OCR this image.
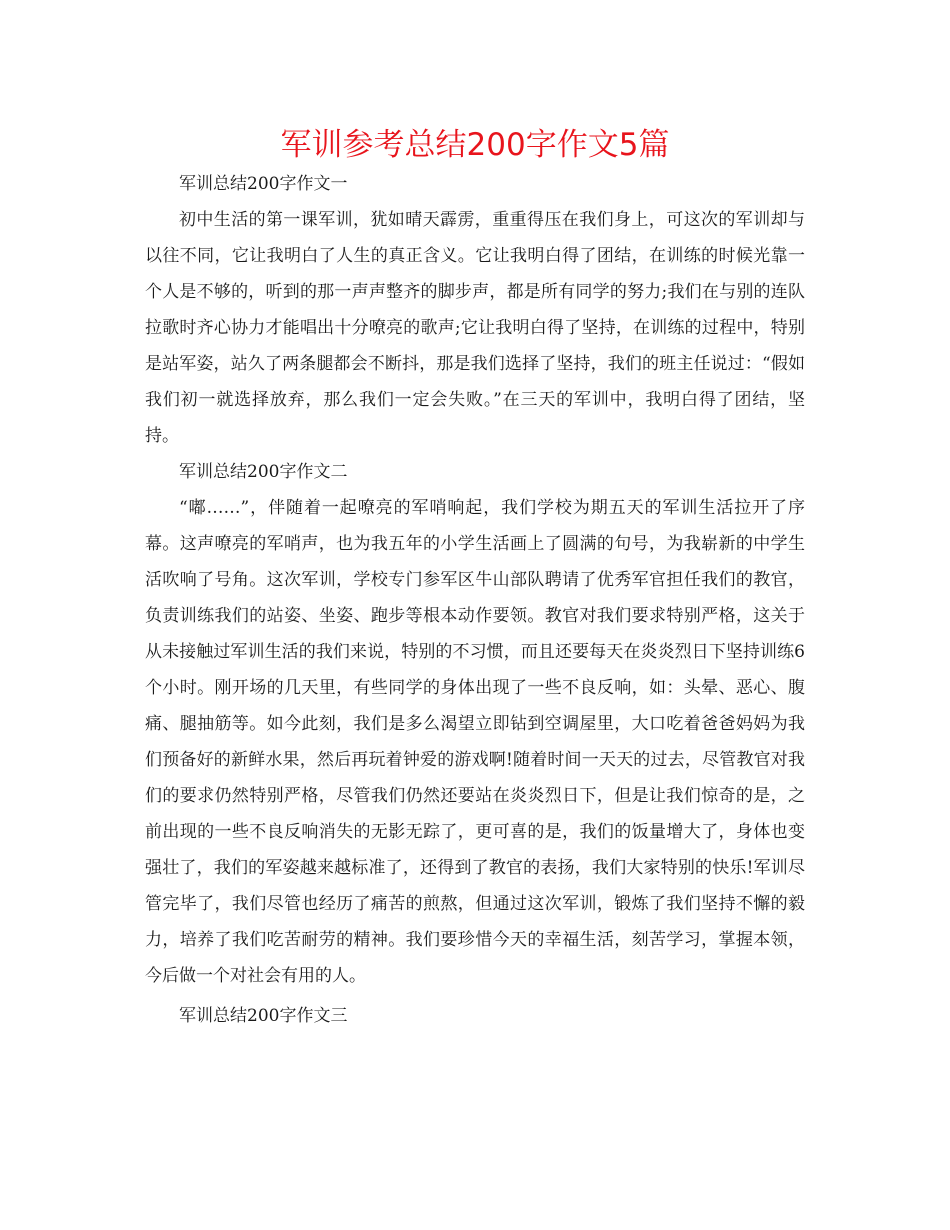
军训参考总结200字作文5篇

军训总结200字作文一

初中生活的第一课军训，犹如晴天霹雳，重重得压在我们身上，可这次的军训却与以往不同，它让我明白了人生的真正含义。它让我明白得了团结，在训练的时候光靠一个人是不够的，听到的那一声声整齐的脚步声，都是所有同学的努力;我们在与别的连队拉歌时齐心协力才能唱出十分嘹亮的歌声;它让我明白得了坚持，在训练的过程中，特别是站军姿，站久了两条腿都会不断抖，那是我们选择了坚持，我们的班主任说过：“假如我们初一就选择放弃，那么我们一定会失败。”在三天的军训中，我明白得了团结，坚持。

军训总结200字作文二

“嘟……”，伴随着一起嘹亮的军哨响起，我们学校为期五天的军训生活拉开了序幕。这声嘹亮的军哨声，也为我五年的小学生活画上了圆满的句号，为我崭新的中学生活吹响了号角。这次军训，学校专门参军区牛山部队聘请了优秀军官担任我们的教官，负责训练我们的站姿、坐姿、跑步等根本动作要领。教官对我们要求特别严格，这关于从未接触过军训生活的我们来说，特别的不习惯，而且还要每天在炎炎烈日下坚持训练6个小时。刚开场的几天里，有些同学的身体出现了一些不良反响，如：头晕、恶心、腹痛、腿抽筋等。如今此刻，我们是多么渴望立即钻到空调屋里，大口吃着爸爸妈妈为我们预备好的新鲜水果，然后再玩着钟爱的游戏啊!随着时间一天天的过去，尽管教官对我们的要求仍然特别严格，尽管我们仍然还要站在炎炎烈日下，但是让我们惊奇的是，之前出现的一些不良反响消失的无影无踪了，更可喜的是，我们的饭量增大了，身体也变强壮了，我们的军姿越来越标准了，还得到了教官的表扬，我们大家特别的快乐!军训尽管完毕了，我们尽管也经历了痛苦的煎熬，但通过这次军训，锻炼了我们坚持不懈的毅力，培养了我们吃苦耐劳的精神。我们要珍惜今天的幸福生活，刻苦学习，掌握本领，今后做一个对社会有用的人。

军训总结200字作文三
